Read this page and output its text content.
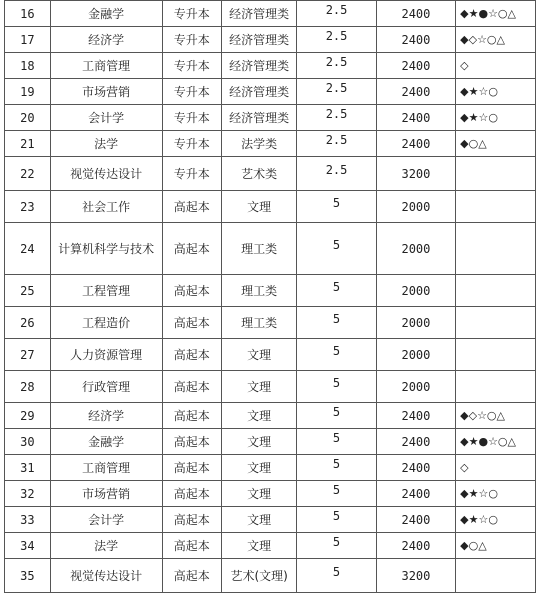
16	金融学	专升本	经济管理类	2.5	2400	◆★●☆○△
17	经济学	专升本	经济管理类	2.5	2400	◆◇☆○△
18	工商管理	专升本	经济管理类	2.5	2400	◇
19	市场营销	专升本	经济管理类	2.5	2400	◆★☆○
20	会计学	专升本	经济管理类	2.5	2400	◆★☆○
21	法学	专升本	法学类	2.5	2400	◆○△
22	视觉传达设计	专升本	艺术类	2.5	3200	
23	社会工作	高起本	文理	5	2000	
24	计算机科学与技术	高起本	理工类	5	2000	
25	工程管理	高起本	理工类	5	2000	
26	工程造价	高起本	理工类	5	2000	
27	人力资源管理	高起本	文理	5	2000	
28	行政管理	高起本	文理	5	2000	
29	经济学	高起本	文理	5	2400	◆◇☆○△
30	金融学	高起本	文理	5	2400	◆★●☆○△
31	工商管理	高起本	文理	5	2400	◇
32	市场营销	高起本	文理	5	2400	◆★☆○
33	会计学	高起本	文理	5	2400	◆★☆○
34	法学	高起本	文理	5	2400	◆○△
35	视觉传达设计	高起本	艺术(文理)	5	3200	
